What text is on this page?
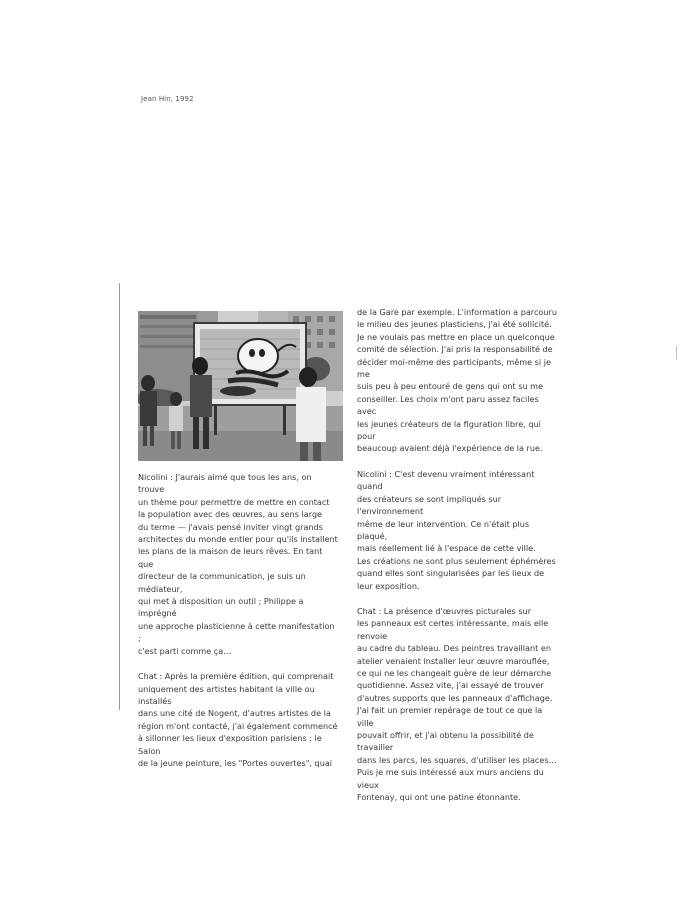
Jean Hin, 1992

Nicolini : J'aurais aimé que tous les ans, on trouve
un thème pour permettre de mettre en contact
la population avec des œuvres, au sens large
du terme — j'avais pensé inviter vingt grands
architectes du monde entier pour qu'ils installent
les plans de la maison de leurs rêves. En tant que
directeur de la communication, je suis un médiateur,
qui met à disposition un outil ; Philippe a imprégné
une approche plasticienne à cette manifestation ;
c'est parti comme ça…

Chat : Après la première édition, qui comprenait
uniquement des artistes habitant la ville ou installés
dans une cité de Nogent, d'autres artistes de la
région m'ont contacté, j'ai également commencé
à sillonner les lieux d'exposition parisiens : le Salon
de la jeune peinture, les "Portes ouvertes", quai

de la Gare par exemple. L'information a parcouru
le milieu des jeunes plasticiens, j'ai été sollicité.
Je ne voulais pas mettre en place un quelconque
comité de sélection. J'ai pris la responsabilité de
décider moi-même des participants, même si je me
suis peu à peu entouré de gens qui ont su me
conseiller. Les choix m'ont paru assez faciles avec
les jeunes créateurs de la figuration libre, qui pour
beaucoup avaient déjà l'expérience de la rue.

Nicolini : C'est devenu vraiment intéressant quand
des créateurs se sont impliqués sur l'environnement
même de leur intervention. Ce n'était plus plaqué,
mais réellement lié à l'espace de cette ville.
Les créations ne sont plus seulement éphémères
quand elles sont singularisées par les lieux de
leur exposition.

Chat : La présence d'œuvres picturales sur
les panneaux est certes intéressante, mais elle renvoie
au cadre du tableau. Des peintres travaillant en
atelier venaient installer leur œuvre marouflée,
ce qui ne les changeait guère de leur démarche
quotidienne. Assez vite, j'ai essayé de trouver
d'autres supports que les panneaux d'affichage.
J'ai fait un premier repérage de tout ce que la ville
pouvait offrir, et j'ai obtenu la possibilité de travailler
dans les parcs, les squares, d'utiliser les places…
Puis je me suis intéressé aux murs anciens du vieux
Fontenay, qui ont une patine étonnante.
